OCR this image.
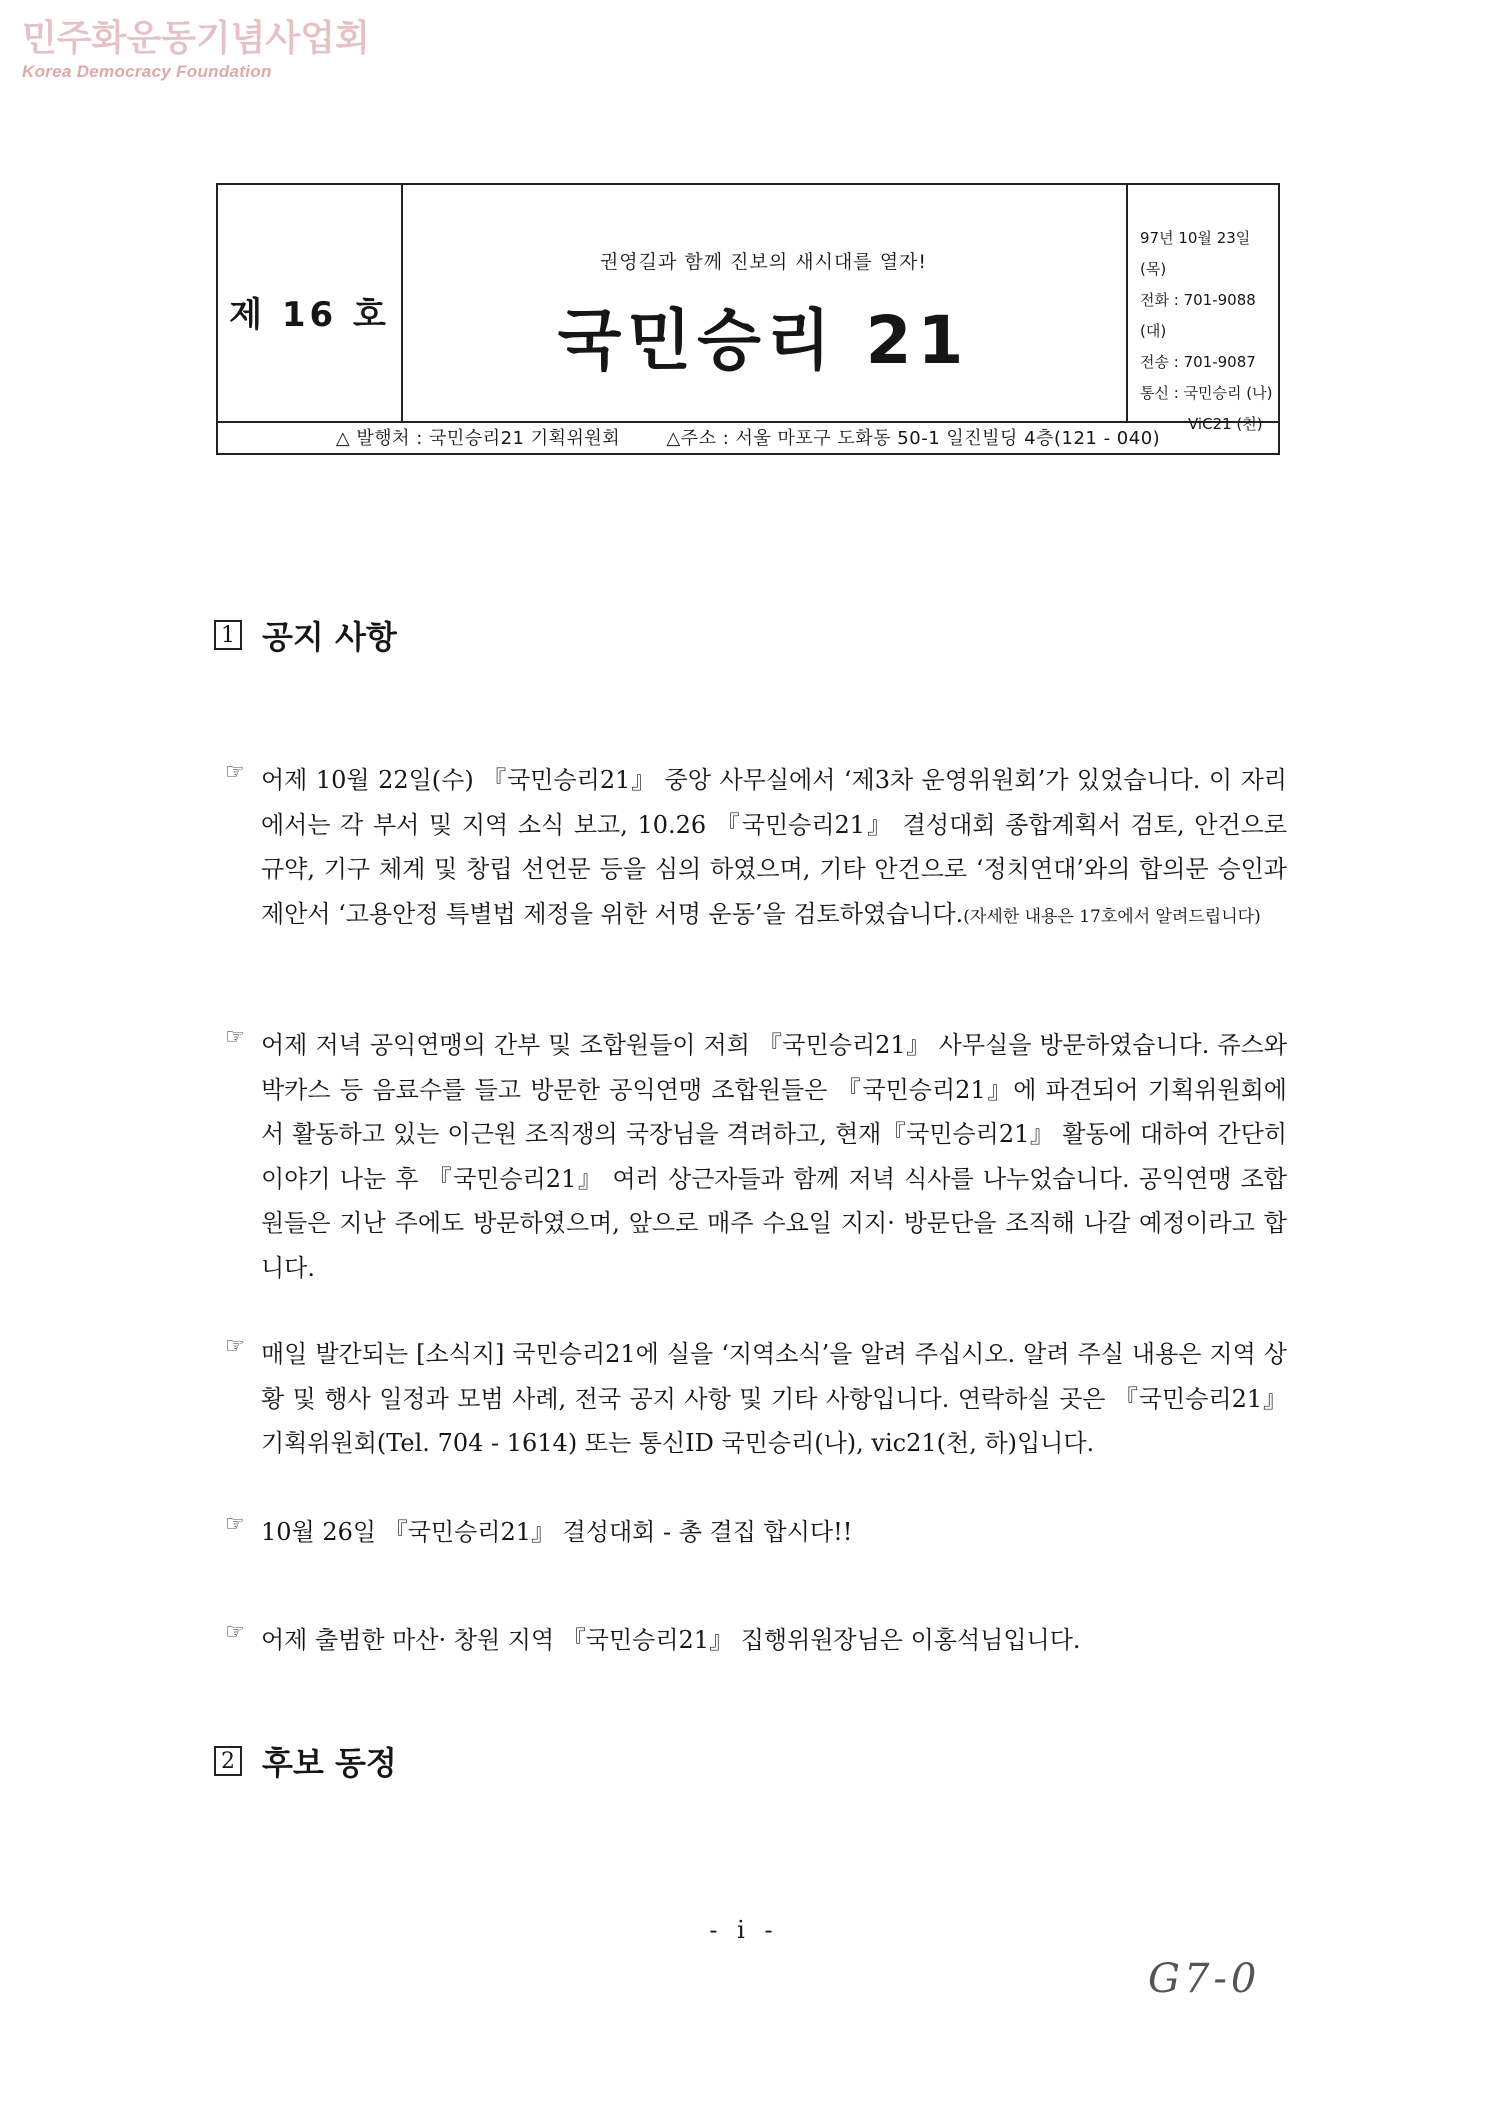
민주화운동기념사업회
Korea Democracy Foundation
제 16 호
권영길과 함께 진보의 새시대를 열자!
국민승리 21
97년 10월 23일 (목)
전화 : 701-9088 (대)
전송 : 701-9087
통신 : 국민승리 (나)
ViC21 (천)
△ 발행처 : 국민승리21 기획위원회	△주소 : 서울 마포구 도화동 50-1 일진빌딩 4층(121 - 040)
1 공지 사항
☞ 어제 10월 22일(수) 『국민승리21』 중앙 사무실에서 ‘제3차 운영위원회’가 있었습니다. 이 자리에서는 각 부서 및 지역 소식 보고, 10.26 『국민승리21』 결성대회 종합계획서 검토, 안건으로 규약, 기구 체계 및 창립 선언문 등을 심의 하였으며, 기타 안건으로 ‘정치연대’와의 합의문 승인과 제안서 ‘고용안정 특별법 제정을 위한 서명 운동’을 검토하였습니다.(자세한 내용은 17호에서 알려드립니다)
☞ 어제 저녁 공익연맹의 간부 및 조합원들이 저희 『국민승리21』 사무실을 방문하였습니다. 쥬스와 박카스 등 음료수를 들고 방문한 공익연맹 조합원들은 『국민승리21』에 파견되어 기획위원회에서 활동하고 있는 이근원 조직쟁의 국장님을 격려하고, 현재『국민승리21』 활동에 대하여 간단히 이야기 나눈 후 『국민승리21』 여러 상근자들과 함께 저녁 식사를 나누었습니다. 공익연맹 조합원들은 지난 주에도 방문하였으며, 앞으로 매주 수요일 지지· 방문단을 조직해 나갈 예정이라고 합니다.
☞ 매일 발간되는 [소식지] 국민승리21에 실을 ‘지역소식’을 알려 주십시오. 알려 주실 내용은 지역 상황 및 행사 일정과 모범 사례, 전국 공지 사항 및 기타 사항입니다. 연락하실 곳은 『국민승리21』 기획위원회(Tel. 704 - 1614) 또는 통신ID 국민승리(나), vic21(천, 하)입니다.
☞ 10월 26일 『국민승리21』 결성대회 - 총 결집 합시다!!
☞ 어제 출범한 마산· 창원 지역 『국민승리21』 집행위원장님은 이홍석님입니다.
2 후보 동정
- i -
G7-0
